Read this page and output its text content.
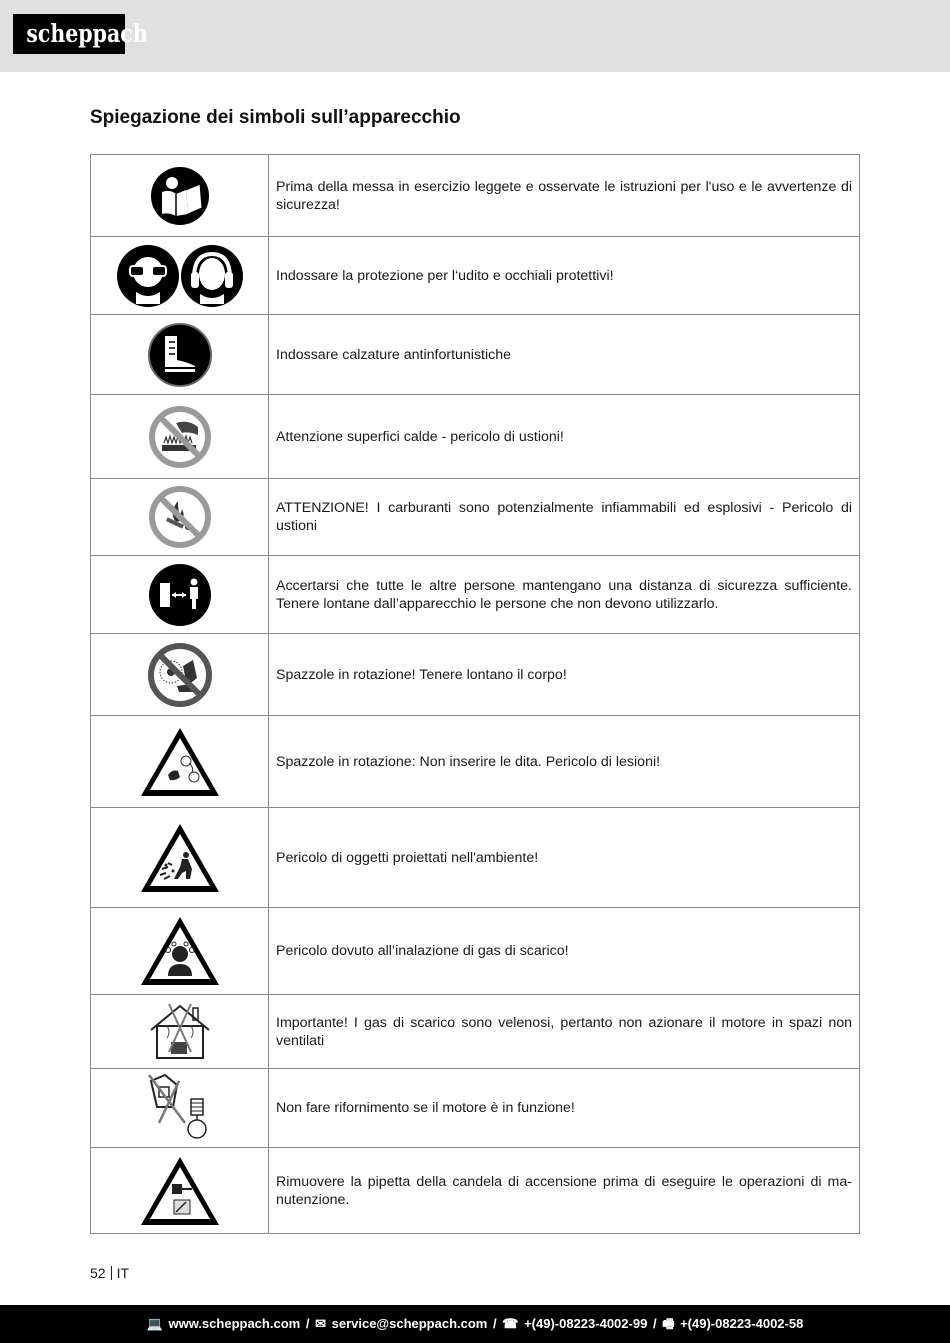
scheppach
Spiegazione dei simboli sull’apparecchio
	Prima della messa in esercizio leggete e osservate le istruzioni per l'uso e le avvertenze di sicurezza!

	Indossare la protezione per l‘udito e occhiali protettivi!

	Indossare calzature antinfortunistiche

	Attenzione superfici calde - pericolo di ustioni!

	ATTENZIONE! I carburanti sono potenzialmente infiammabili ed esplosivi - Pericolo di ustioni

	Accertarsi che tutte le altre persone mantengano una distanza di sicurezza sufficiente. Tenere lontane dall’apparecchio le persone che non devono utilizzarlo.

	Spazzole in rotazione! Tenere lontano il corpo!

	Spazzole in rotazione: Non inserire le dita. Pericolo di lesioni!

	Pericolo di oggetti proiettati nell'ambiente!

	Pericolo dovuto all’inalazione di gas di scarico!

	Importante! I gas di scarico sono velenosi, pertanto non azionare il motore in spazi non ventilati

	Non fare rifornimento se il motore è in funzione!

	Rimuovere la pipetta della candela di accensione prima di eseguire le operazioni di ma-nutenzione.
52 IT
💻 www.scheppach.com / ✉ service@scheppach.com / ☎ +(49)-08223-4002-99 / 🖷 +(49)-08223-4002-58
